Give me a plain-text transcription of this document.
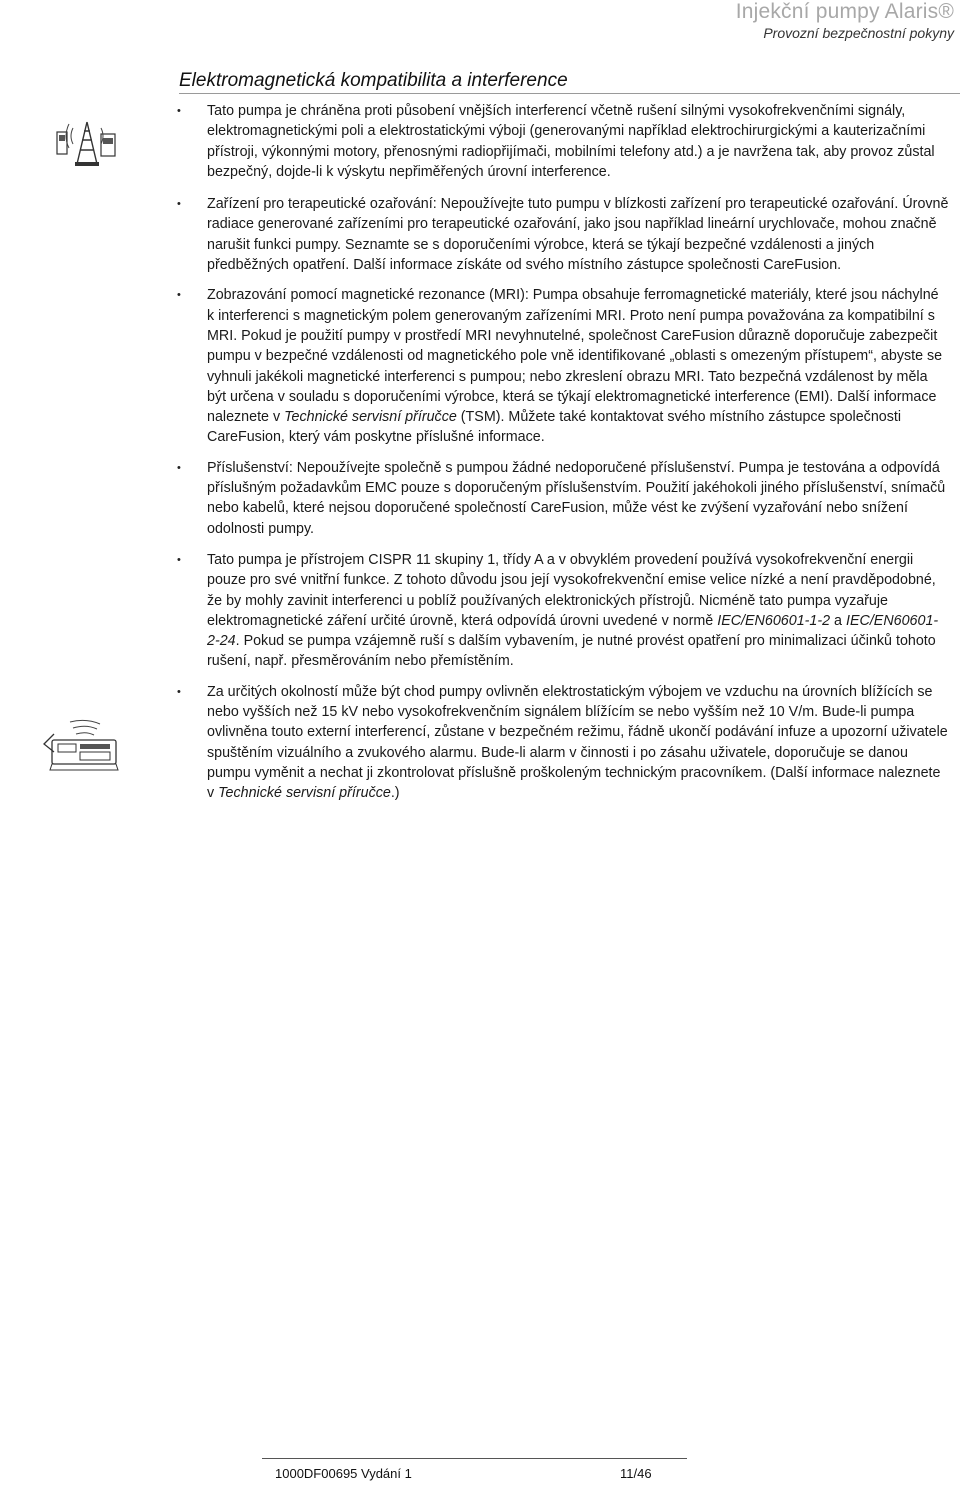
Injekční pumpy Alaris®
Provozní bezpečnostní pokyny
Elektromagnetická kompatibilita a interference
• Tato pumpa je chráněna proti působení vnějších interferencí včetně rušení silnými vysokofrekvenčními signály, elektromagnetickými poli a elektrostatickými výboji (generovanými například elektrochirurgickými a kauterizačními přístroji, výkonnými motory, přenosnými radiopřijímači, mobilními telefony atd.) a je navržena tak, aby provoz zůstal bezpečný, dojde-li k výskytu nepřiměřených úrovní interference.
• Zařízení pro terapeutické ozařování: Nepoužívejte tuto pumpu v blízkosti zařízení pro terapeutické ozařování. Úrovně radiace generované zařízeními pro terapeutické ozařování, jako jsou například lineární urychlovače, mohou značně narušit funkci pumpy. Seznamte se s doporučeními výrobce, která se týkají bezpečné vzdálenosti a jiných předběžných opatření. Další informace získáte od svého místního zástupce společnosti CareFusion.
• Zobrazování pomocí magnetické rezonance (MRI): Pumpa obsahuje ferromagnetické materiály, které jsou náchylné k interferenci s magnetickým polem generovaným zařízeními MRI. Proto není pumpa považována za kompatibilní s MRI. Pokud je použití pumpy v prostředí MRI nevyhnutelné, společnost CareFusion důrazně doporučuje zabezpečit pumpu v bezpečné vzdálenosti od magnetického pole vně identifikované „oblasti s omezeným přístupem“, abyste se vyhnuli jakékoli magnetické interferenci s pumpou; nebo zkreslení obrazu MRI. Tato bezpečná vzdálenost by měla být určena v souladu s doporučeními výrobce, která se týkají elektromagnetické interference (EMI). Další informace naleznete v Technické servisní příručce (TSM). Můžete také kontaktovat svého místního zástupce společnosti CareFusion, který vám poskytne příslušné informace.
• Příslušenství: Nepoužívejte společně s pumpou žádné nedoporučené příslušenství. Pumpa je testována a odpovídá příslušným požadavkům EMC pouze s doporučeným příslušenstvím. Použití jakéhokoli jiného příslušenství, snímačů nebo kabelů, které nejsou doporučené společností CareFusion, může vést ke zvýšení vyzařování nebo snížení odolnosti pumpy.
• Tato pumpa je přístrojem CISPR 11 skupiny 1, třídy A a v obvyklém provedení používá vysokofrekvenční energii pouze pro své vnitřní funkce. Z tohoto důvodu jsou její vysokofrekvenční emise velice nízké a není pravděpodobné, že by mohly zavinit interferenci u poblíž používaných elektronických přístrojů. Nicméně tato pumpa vyzařuje elektromagnetické záření určité úrovně, která odpovídá úrovni uvedené v normě IEC/EN60601-1-2 a IEC/EN60601-2-24. Pokud se pumpa vzájemně ruší s dalším vybavením, je nutné provést opatření pro minimalizaci účinků tohoto rušení, např. přesměrováním nebo přemístěním.
• Za určitých okolností může být chod pumpy ovlivněn elektrostatickým výbojem ve vzduchu na úrovních blížících se nebo vyšších než 15 kV nebo vysokofrekvenčním signálem blížícím se nebo vyšším než 10 V/m. Bude-li pumpa ovlivněna touto externí interferencí, zůstane v bezpečném režimu, řádně ukončí podávání infuze a upozorní uživatele spuštěním vizuálního a zvukového alarmu. Bude-li alarm v činnosti i po zásahu uživatele, doporučuje se danou pumpu vyměnit a nechat ji zkontrolovat příslušně proškoleným technickým pracovníkem. (Další informace naleznete v Technické servisní příručce.)
1000DF00695 Vydání 1	11/46
